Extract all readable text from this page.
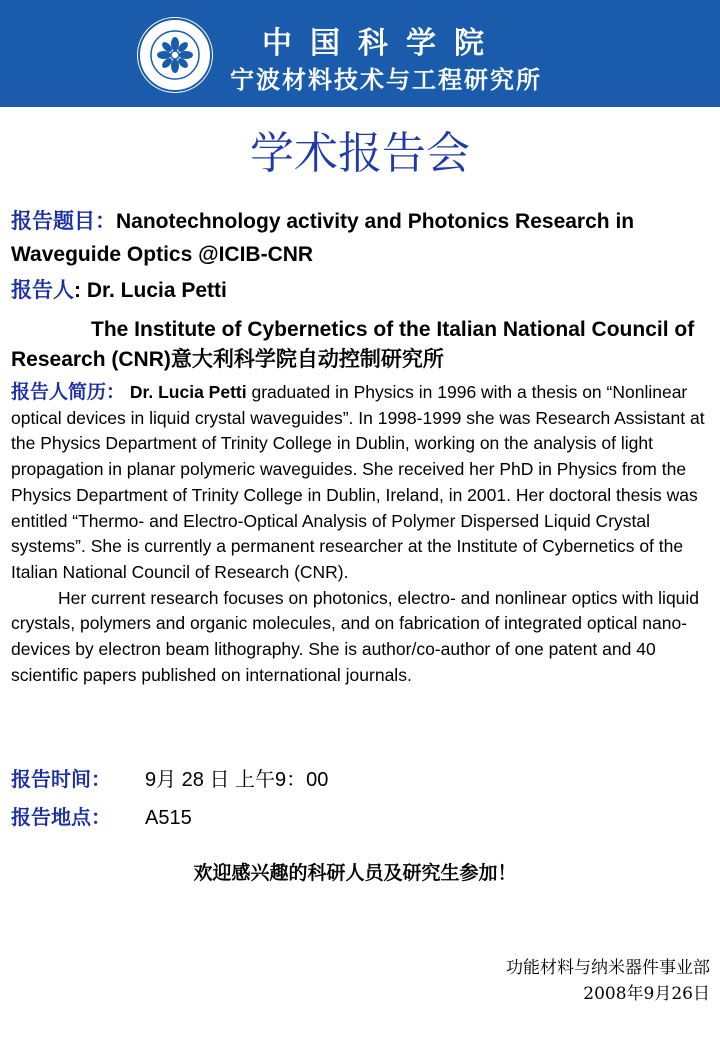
中国科学院
宁波材料技术与工程研究所
学术报告会
报告题目：Nanotechnology activity and Photonics Research in Waveguide Optics @ICIB-CNR
报告人: Dr. Lucia Petti
The Institute of Cybernetics of the Italian National Council of Research (CNR)意大利科学院自动控制研究所
报告人简历： Dr. Lucia Petti graduated in Physics in 1996 with a thesis on “Nonlinear optical devices in liquid crystal waveguides”. In 1998-1999 she was Research Assistant at the Physics Department of Trinity College in Dublin, working on the analysis of light propagation in planar polymeric waveguides. She received her PhD in Physics from the Physics Department of Trinity College in Dublin, Ireland, in 2001. Her doctoral thesis was entitled “Thermo- and Electro-Optical Analysis of Polymer Dispersed Liquid Crystal systems”. She is currently a permanent researcher at the Institute of Cybernetics of the Italian National Council of Research (CNR).
Her current research focuses on photonics, electro- and nonlinear optics with liquid crystals, polymers and organic molecules, and on fabrication of integrated optical nano-devices by electron beam lithography. She is author/co-author of one patent and 40 scientific papers published on international journals.
报告时间： 9月 28 日 上午9：00
报告地点： A515
欢迎感兴趣的科研人员及研究生参加！
功能材料与纳米器件事业部
2008年9月26日
